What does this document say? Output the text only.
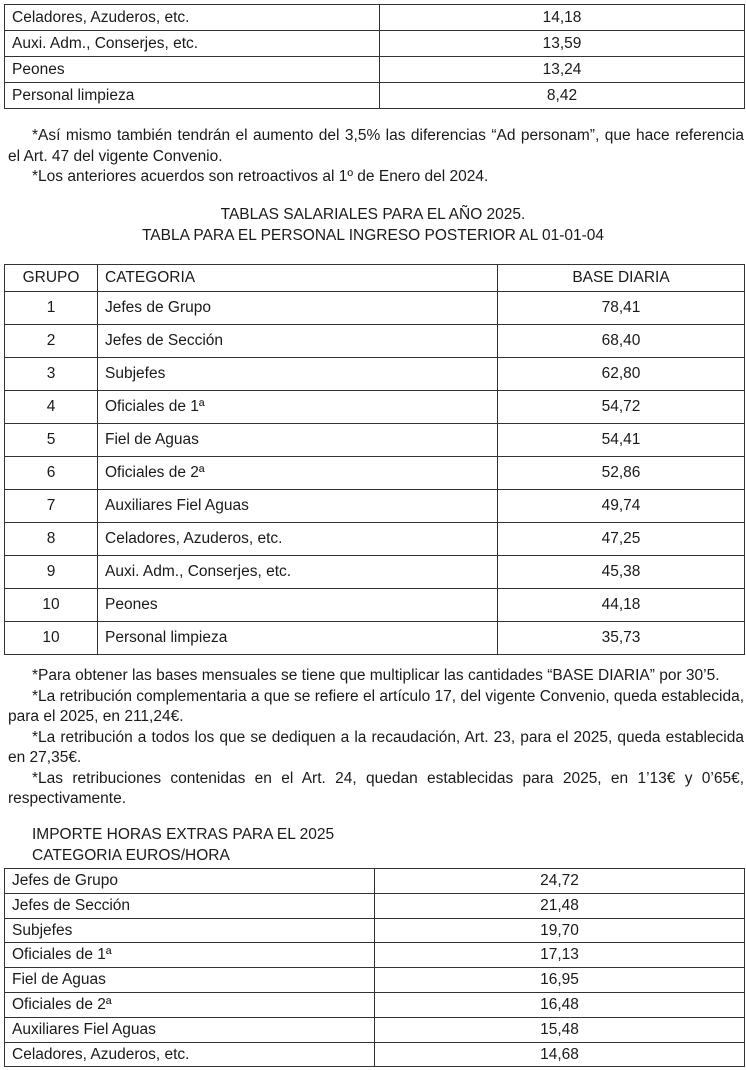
Celadores, Azuderos, etc.	14,18
Auxi. Adm., Conserjes, etc.	13,59
Peones	13,24
Personal limpieza	8,42

*Así mismo también tendrán el aumento del 3,5% las diferencias “Ad personam”, que hace referencia el Art. 47 del vigente Convenio.

*Los anteriores acuerdos son retroactivos al 1º de Enero del 2024.

TABLAS SALARIALES PARA EL AÑO 2025.
TABLA PARA EL PERSONAL INGRESO POSTERIOR AL 01-01-04
GRUPO	CATEGORIA	BASE DIARIA
1	Jefes de Grupo	78,41
2	Jefes de Sección	68,40
3	Subjefes	62,80
4	Oficiales de 1ª	54,72
5	Fiel de Aguas	54,41
6	Oficiales de 2ª	52,86
7	Auxiliares Fiel Aguas	49,74
8	Celadores, Azuderos, etc.	47,25
9	Auxi. Adm., Conserjes, etc.	45,38
10	Peones	44,18
10	Personal limpieza	35,73

*Para obtener las bases mensuales se tiene que multiplicar las cantidades “BASE DIARIA” por 30’5.

*La retribución complementaria a que se refiere el artículo 17, del vigente Convenio, queda establecida, para el 2025, en 211,24€.

*La retribución a todos los que se dediquen a la recaudación, Art. 23, para el 2025, queda establecida en 27,35€.

*Las retribuciones contenidas en el Art. 24, quedan establecidas para 2025, en 1’13€ y 0’65€, respectivamente.

IMPORTE HORAS EXTRAS PARA EL 2025
CATEGORIA EUROS/HORA
Jefes de Grupo	24,72
Jefes de Sección	21,48
Subjefes	19,70
Oficiales de 1ª	17,13
Fiel de Aguas	16,95
Oficiales de 2ª	16,48
Auxiliares Fiel Aguas	15,48
Celadores, Azuderos, etc.	14,68
